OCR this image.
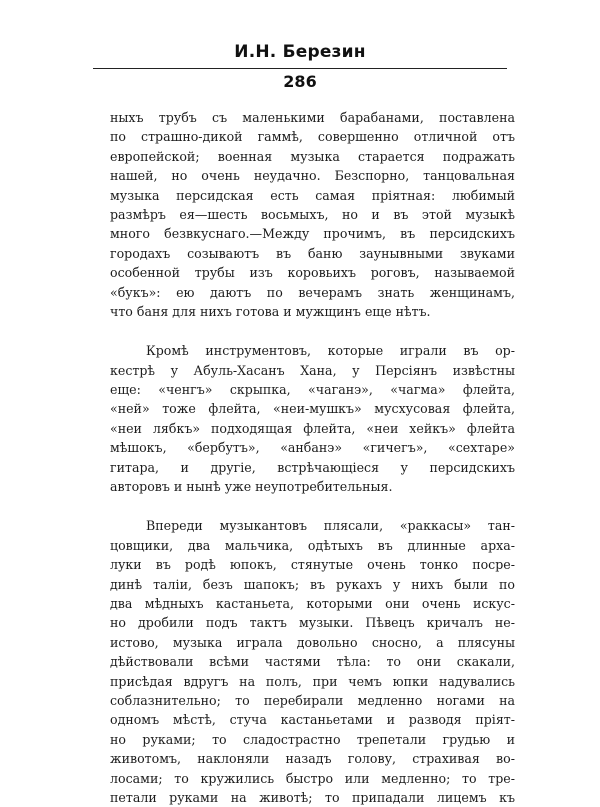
И.Н. Березин
286
ныхъ трубъ съ маленькими барабанами, поставлена
по страшно-дикой гаммѣ, совершенно отличной отъ
европейской; военная музыка старается подражать
нашей, но очень неудачно. Безспорно, танцовальная
музыка персидская есть самая пріятная: любимый
размѣръ ея—шесть восьмыхъ, но и въ этой музыкѣ
много безвкуснаго.—Между прочимъ, въ персидскихъ
городахъ созываютъ въ баню заунывными звуками
особенной трубы изъ коровьихъ роговъ, называемой
«букъ»: ею даютъ по вечерамъ знать женщинамъ,
что баня для нихъ готова и мужщинъ еще нѣтъ.
Кромѣ инструментовъ, которые играли въ ор-
кестрѣ у Абуль-Хасанъ Хана, у Персіянъ извѣстны
еще: «ченгъ» скрыпка, «чаганэ», «чагма» флейта,
«ней» тоже флейта, «неи-мушкъ» мусхусовая флейта,
«неи лябкъ» подходящая флейта, «неи хейкъ» флейта
мѣшокъ, «бербутъ», «анбанэ» «гичегъ», «сехтаре»
гитара, и другіе, встрѣчающіеся у персидскихъ
авторовъ и нынѣ уже неупотребительныя.
Впереди музыкантовъ плясали, «раккасы» тан-
цовщики, два мальчика, одѣтыхъ въ длинные арха-
луки въ родѣ юпокъ, стянутые очень тонко посре-
динѣ таліи, безъ шапокъ; въ рукахъ у нихъ были по
два мѣдныхъ кастаньета, которыми они очень искус-
но дробили подъ тактъ музыки. Пѣвецъ кричалъ не-
истово, музыка играла довольно сносно, а плясуны
дѣйствовали всѣми частями тѣла: то они скакали,
присѣдая вдругъ на полъ, при чемъ юпки надувались
соблазнительно; то перебирали медленно ногами на
одномъ мѣстѣ, стуча кастаньетами и разводя пріят-
но руками; то сладострастно трепетали грудью и
животомъ, наклоняли назадъ голову, страхивая во-
лосами; то кружились быстро или медленно; то тре-
петали руками на животѣ; то припадали лицемъ къ
